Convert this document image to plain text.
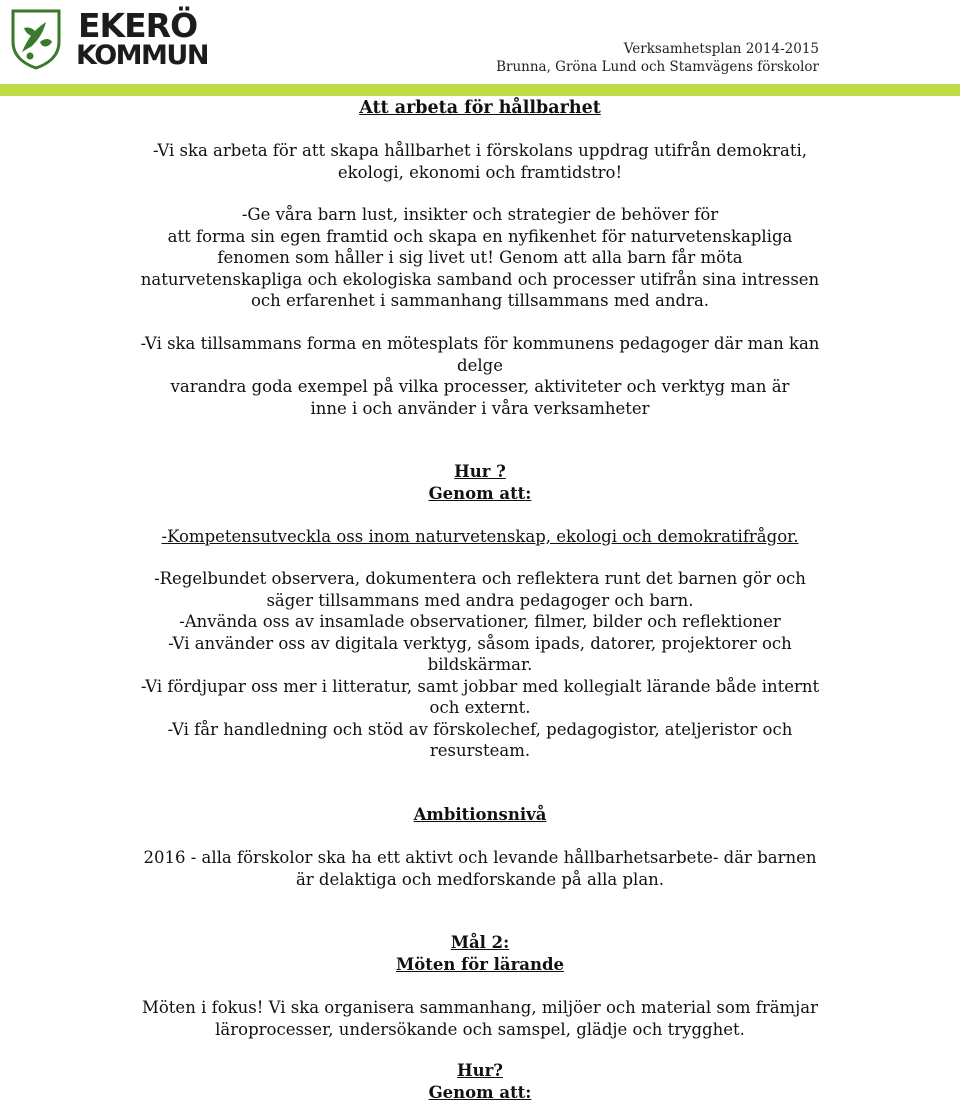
EKERÖ
KOMMUN	Verksamhetsplan 2014-2015
Brunna, Gröna Lund och Stamvägens förskolor
Att arbeta för hållbarhet
-Vi ska arbeta för att skapa hållbarhet i förskolans uppdrag utifrån demokrati,
ekologi, ekonomi och framtidstro!
-Ge våra barn lust, insikter och strategier de behöver för
att forma sin egen framtid och skapa en nyfikenhet för naturvetenskapliga
fenomen som håller i sig livet ut! Genom att alla barn får möta
naturvetenskapliga och ekologiska samband och processer utifrån sina intressen
och erfarenhet i sammanhang tillsammans med andra.
-Vi ska tillsammans forma en mötesplats för kommunens pedagoger där man kan
delge
varandra goda exempel på vilka processer, aktiviteter och verktyg man är
inne i och använder i våra verksamheter
Hur ?
Genom att:
-Kompetensutveckla oss inom naturvetenskap, ekologi och demokratifrågor.
-Regelbundet observera, dokumentera och reflektera runt det barnen gör och
säger tillsammans med andra pedagoger och barn.
-Använda oss av insamlade observationer, filmer, bilder och reflektioner
-Vi använder oss av digitala verktyg, såsom ipads, datorer, projektorer och
bildskärmar.
-Vi fördjupar oss mer i litteratur, samt jobbar med kollegialt lärande både internt
och externt.
-Vi får handledning och stöd av förskolechef, pedagogistor, ateljeristor och
resursteam.
Ambitionsnivå
2016 - alla förskolor ska ha ett aktivt och levande hållbarhetsarbete- där barnen
är delaktiga och medforskande på alla plan.
Mål 2:
Möten för lärande
Möten i fokus! Vi ska organisera sammanhang, miljöer och material som främjar
läroprocesser, undersökande och samspel, glädje och trygghet.
Hur?
Genom att:
